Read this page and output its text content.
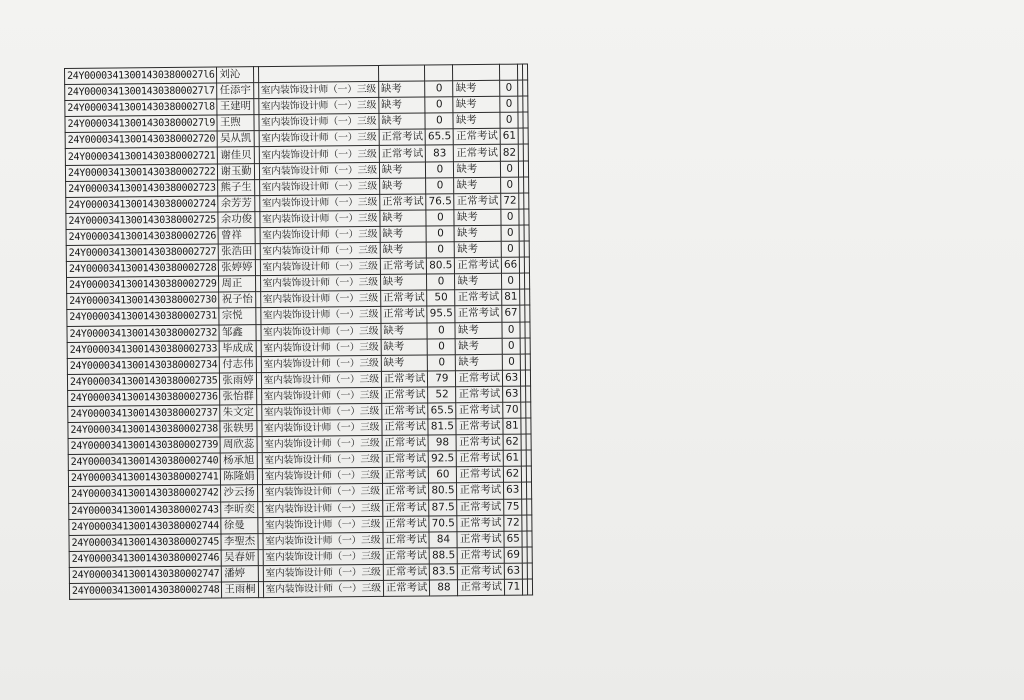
24Y000034130014303800027l6	刘沁								
24Y000034130014303800027l7	任添宇		室内装饰设计师（一）三级	缺考	0	缺考	0		
24Y000034130014303800027l8	王建明		室内装饰设计师（一）三级	缺考	0	缺考	0		
24Y000034130014303800027l9	王煦		室内装饰设计师（一）三级	缺考	0	缺考	0		
24Y00003413001430380002720	吴从凯		室内装饰设计师（一）三级	正常考试	65.5	正常考试	61		
24Y00003413001430380002721	谢佳贝		室内装饰设计师（一）三级	正常考试	83	正常考试	82		
24Y00003413001430380002722	谢玉勤		室内装饰设计师（一）三级	缺考	0	缺考	0		
24Y00003413001430380002723	熊子生		室内装饰设计师（一）三级	缺考	0	缺考	0		
24Y00003413001430380002724	余芳芳		室内装饰设计师（一）三级	正常考试	76.5	正常考试	72		
24Y00003413001430380002725	余功俊		室内装饰设计师（一）三级	缺考	0	缺考	0		
24Y00003413001430380002726	曾祥		室内装饰设计师（一）三级	缺考	0	缺考	0		
24Y00003413001430380002727	张浩田		室内装饰设计师（一）三级	缺考	0	缺考	0		
24Y00003413001430380002728	张婷婷		室内装饰设计师（一）三级	正常考试	80.5	正常考试	66		
24Y00003413001430380002729	周正		室内装饰设计师（一）三级	缺考	0	缺考	0		
24Y00003413001430380002730	祝子怡		室内装饰设计师（一）三级	正常考试	50	正常考试	81		
24Y00003413001430380002731	宗悦		室内装饰设计师（一）三级	正常考试	95.5	正常考试	67		
24Y00003413001430380002732	邹鑫		室内装饰设计师（一）三级	缺考	0	缺考	0		
24Y00003413001430380002733	毕成成		室内装饰设计师（一）三级	缺考	0	缺考	0		
24Y00003413001430380002734	付志伟		室内装饰设计师（一）三级	缺考	0	缺考	0		
24Y00003413001430380002735	张雨婷		室内装饰设计师（一）三级	正常考试	79	正常考试	63		
24Y00003413001430380002736	张怡群		室内装饰设计师（一）三级	正常考试	52	正常考试	63		
24Y00003413001430380002737	朱文定		室内装饰设计师（一）三级	正常考试	65.5	正常考试	70		
24Y00003413001430380002738	张轶男		室内装饰设计师（一）三级	正常考试	81.5	正常考试	81		
24Y00003413001430380002739	周欣蕊		室内装饰设计师（一）三级	正常考试	98	正常考试	62		
24Y00003413001430380002740	杨承旭		室内装饰设计师（一）三级	正常考试	92.5	正常考试	61		
24Y00003413001430380002741	陈隆娟		室内装饰设计师（一）三级	正常考试	60	正常考试	62		
24Y00003413001430380002742	沙云扬		室内装饰设计师（一）三级	正常考试	80.5	正常考试	63		
24Y00003413001430380002743	李昕奕		室内装饰设计师（一）三级	正常考试	87.5	正常考试	75		
24Y00003413001430380002744	徐曼		室内装饰设计师（一）三级	正常考试	70.5	正常考试	72		
24Y00003413001430380002745	李聖杰		室内装饰设计师（一）三级	正常考试	84	正常考试	65		
24Y00003413001430380002746	吴春妍		室内装饰设计师（一）三级	正常考试	88.5	正常考试	69		
24Y00003413001430380002747	潘婷		室内装饰设计师（一）三级	正常考试	83.5	正常考试	63		
24Y00003413001430380002748	王雨桐		室内装饰设计师（一）三级	正常考试	88	正常考试	71		
